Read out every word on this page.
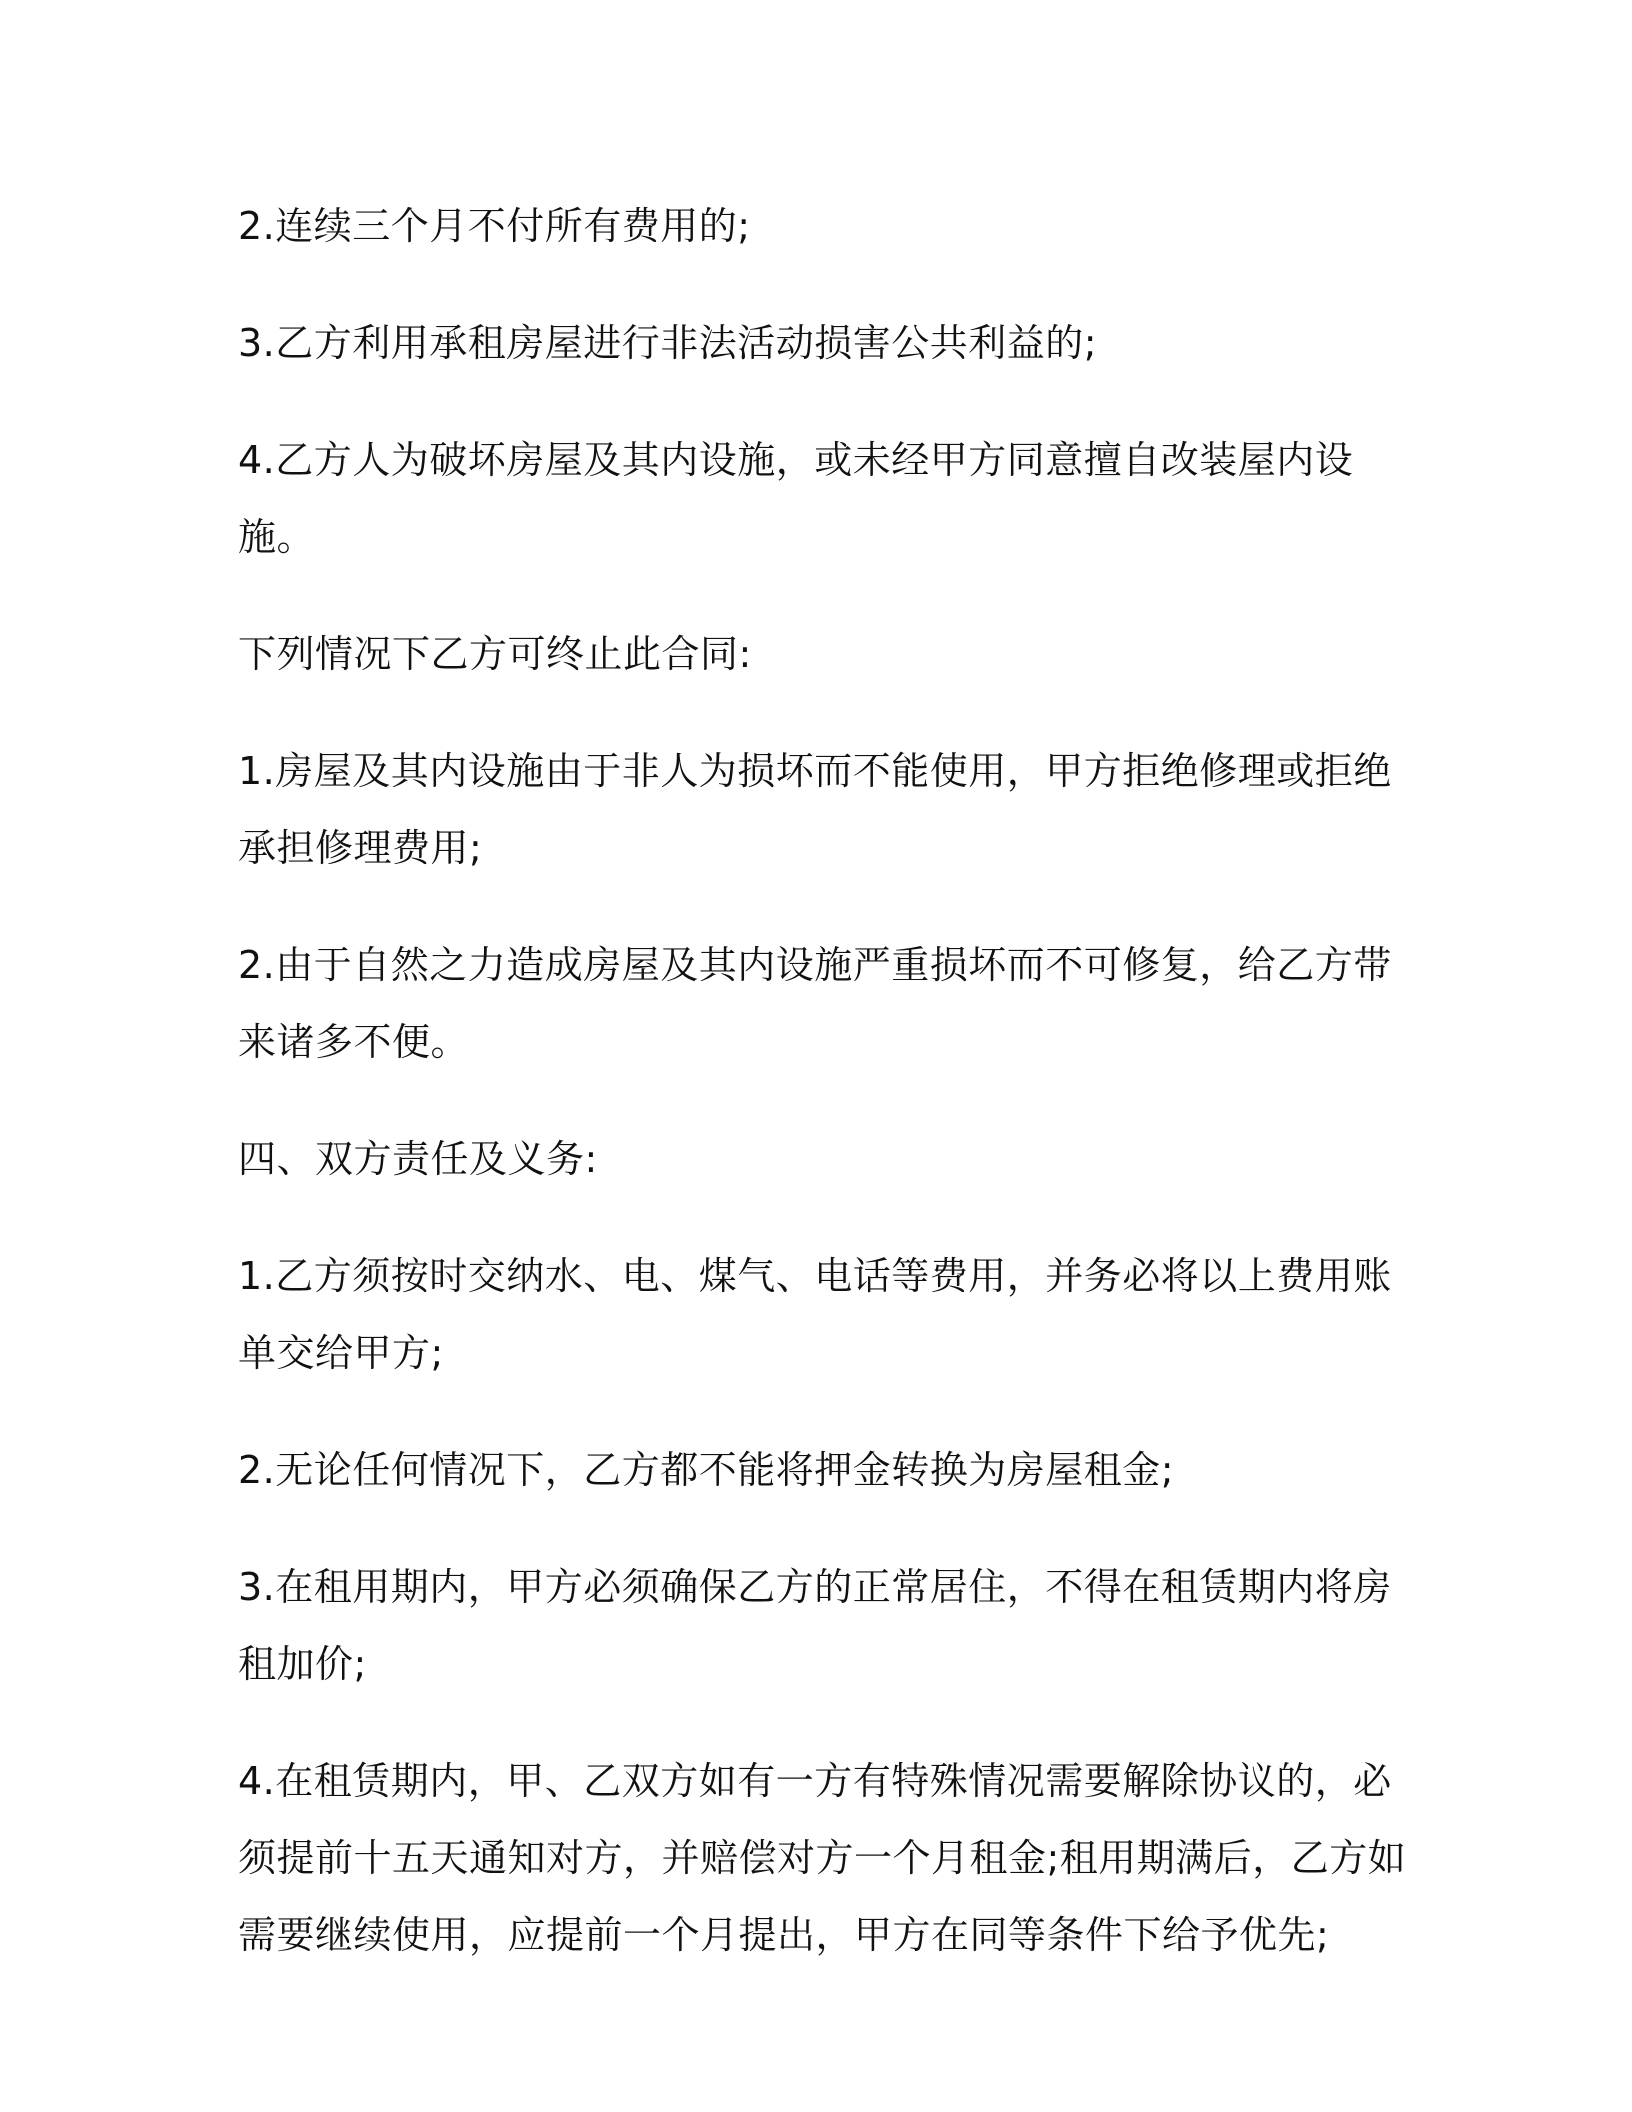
2.连续三个月不付所有费用的;

3.乙方利用承租房屋进行非法活动损害公共利益的;

4.乙方人为破坏房屋及其内设施，或未经甲方同意擅自改装屋内设
施。

下列情况下乙方可终止此合同:

1.房屋及其内设施由于非人为损坏而不能使用，甲方拒绝修理或拒绝
承担修理费用;

2.由于自然之力造成房屋及其内设施严重损坏而不可修复，给乙方带
来诸多不便。

四、双方责任及义务:

1.乙方须按时交纳水、电、煤气、电话等费用，并务必将以上费用账
单交给甲方;

2.无论任何情况下，乙方都不能将押金转换为房屋租金;

3.在租用期内，甲方必须确保乙方的正常居住，不得在租赁期内将房
租加价;

4.在租赁期内，甲、乙双方如有一方有特殊情况需要解除协议的，必
须提前十五天通知对方，并赔偿对方一个月租金;租用期满后，乙方如
需要继续使用，应提前一个月提出，甲方在同等条件下给予优先;
